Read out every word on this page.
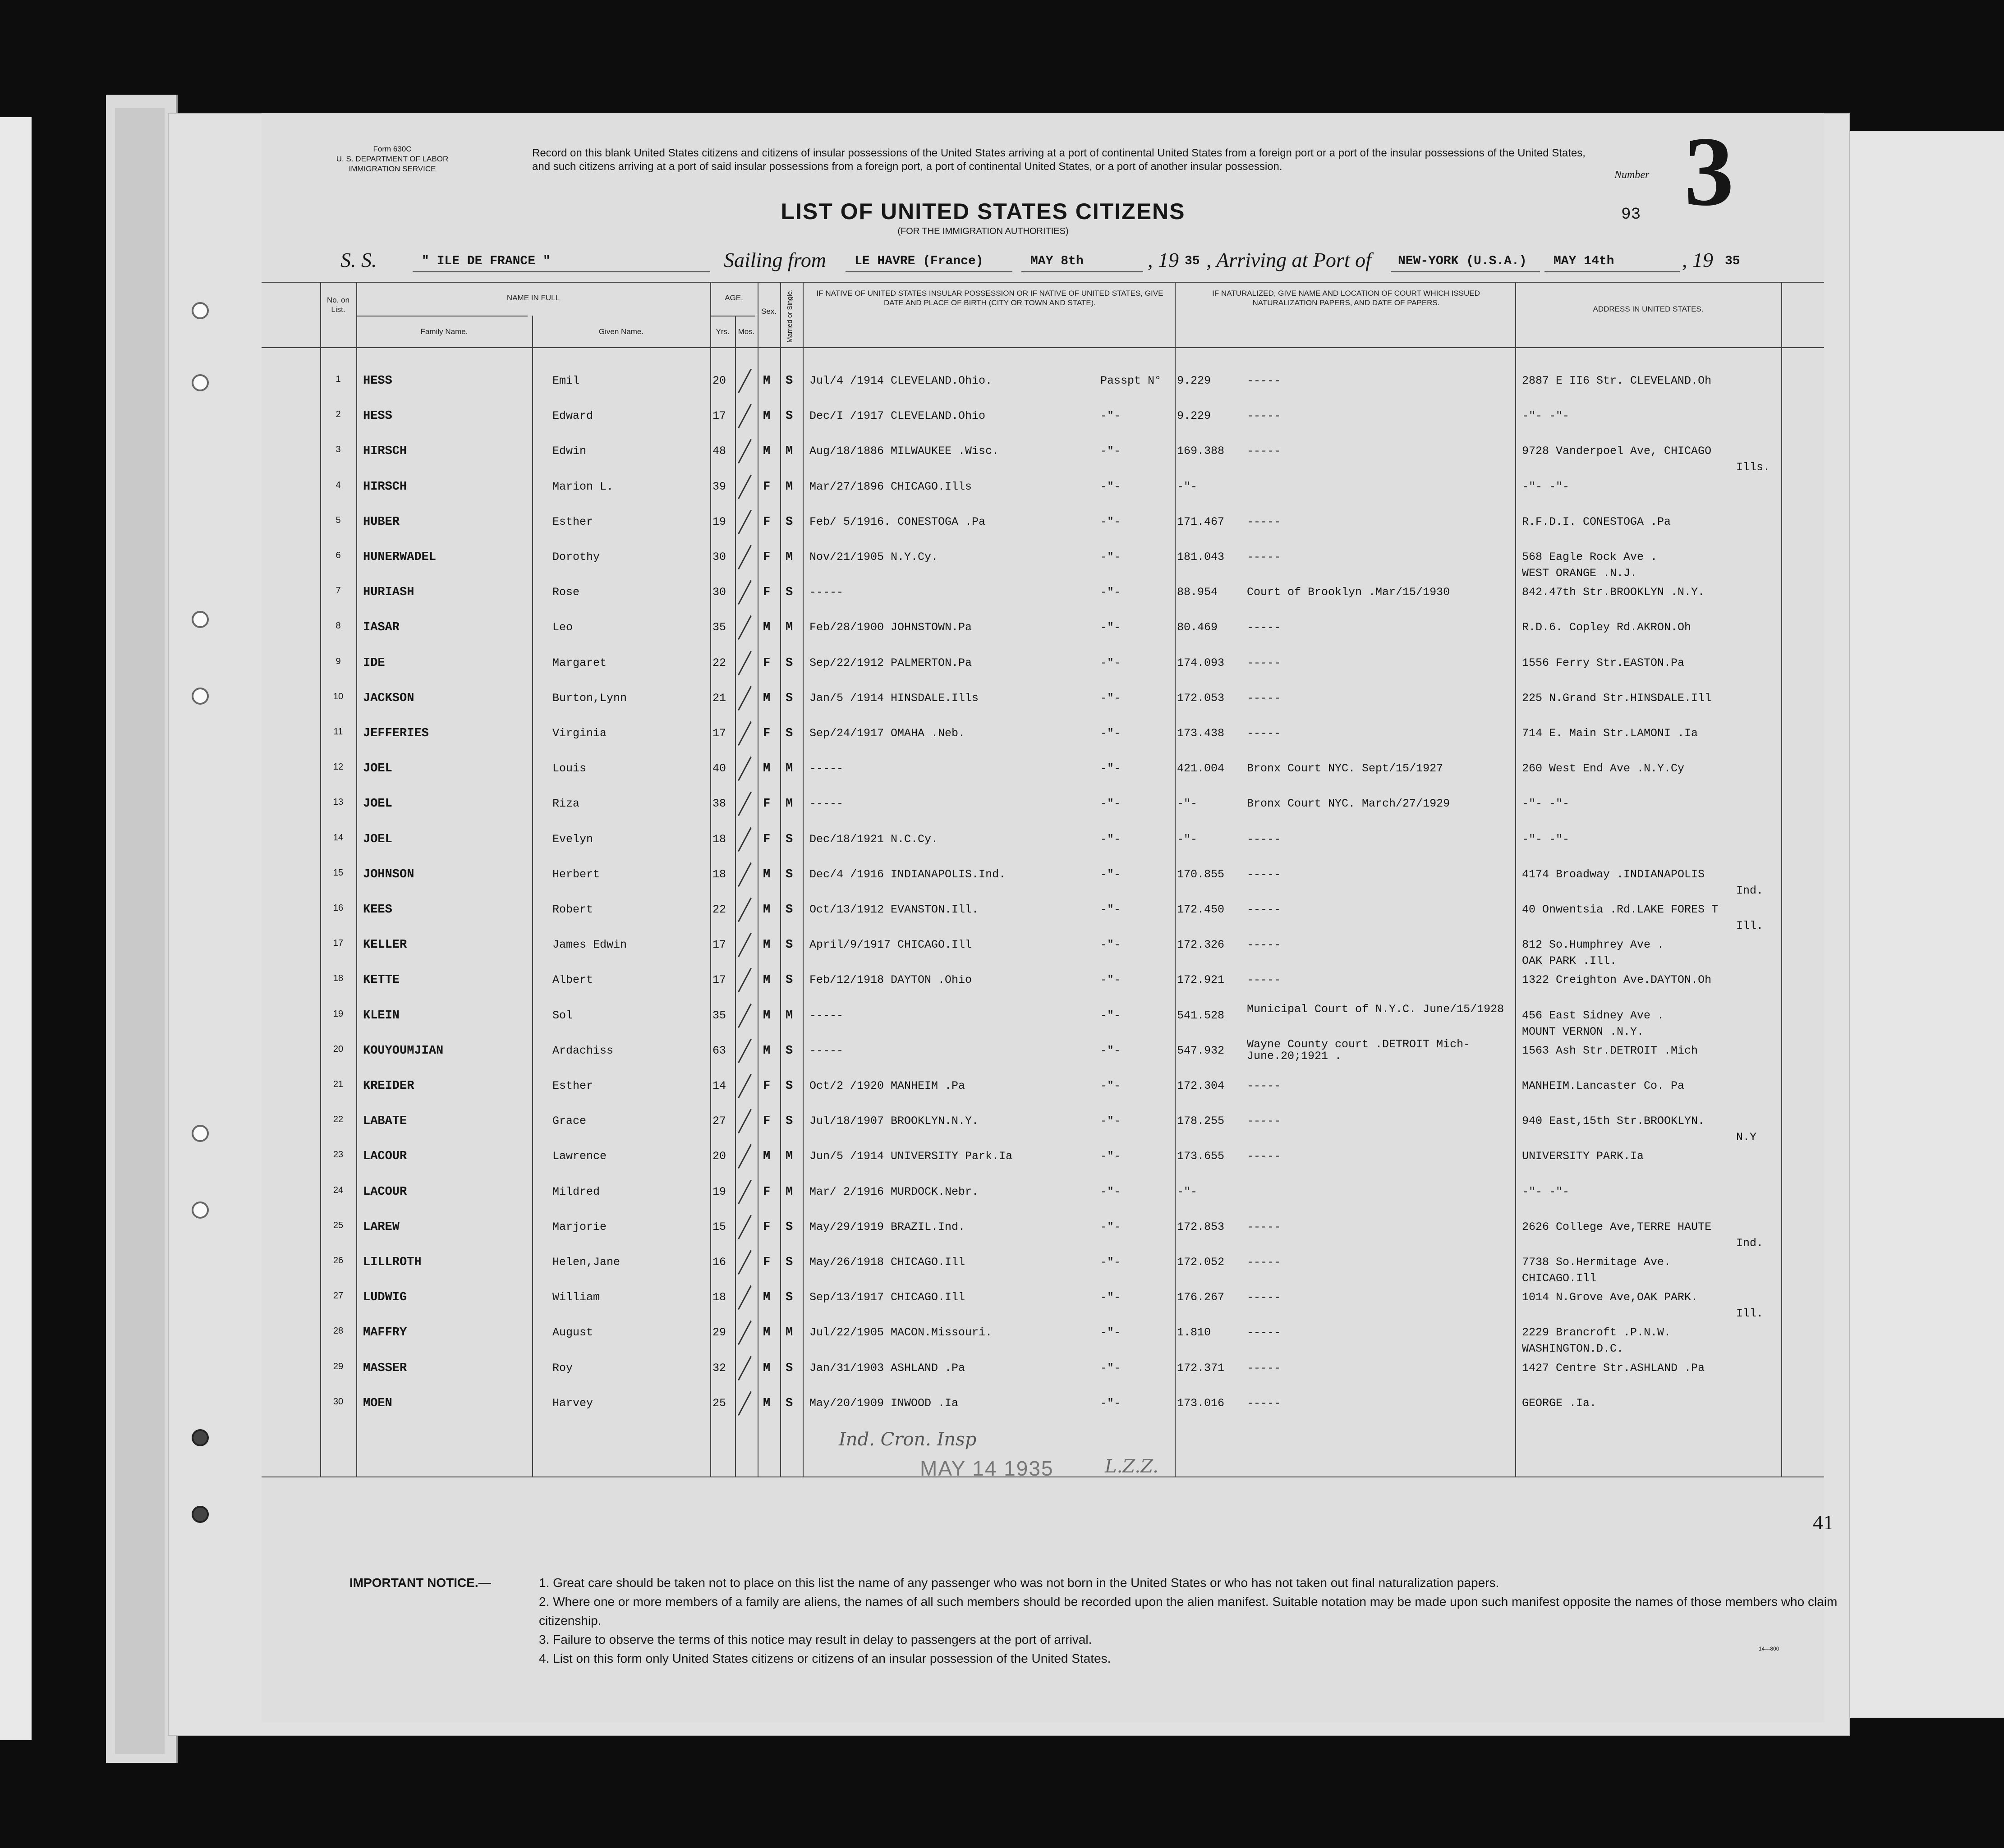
Form 630C
U. S. DEPARTMENT OF LABOR
IMMIGRATION SERVICE
Record on this blank United States citizens and citizens of insular possessions of the United States arriving at a port of continental United States from a foreign port or a port of the insular possessions of the United States, and such citizens arriving at a port of said insular possessions from a foreign port, a port of continental United States, or a port of another insular possession.
Number 3
93
LIST OF UNITED STATES CITIZENS
(FOR THE IMMIGRATION AUTHORITIES)
S. S.	" ILE DE FRANCE "	Sailing from LE HAVRE (France)	MAY 8th	, 19 35 , Arriving at Port of NEW-YORK (U.S.A.) MAY 14th	, 19 35
No. on List.
NAME IN FULL
Family Name.	Given Name.
AGE.
Yrs.	Mos.
Sex.	Married or Single.	IF NATIVE OF UNITED STATES INSULAR POSSESSION OR IF NATIVE OF UNITED STATES, GIVE DATE AND PLACE OF BIRTH (CITY OR TOWN AND STATE).
IF NATURALIZED, GIVE NAME AND LOCATION OF COURT WHICH ISSUED NATURALIZATION PAPERS, AND DATE OF PAPERS.
ADDRESS IN UNITED STATES.
1	HESS	Emil	20	M S Jul/4 /1914 CLEVELAND.Ohio.	Passpt N° 9.229	-----	2887 E II6 Str. CLEVELAND.Oh
2	HESS	Edward	17	M S Dec/I /1917 CLEVELAND.Ohio	-"-	9.229	-----	-"- -"-
3	HIRSCH	Edwin	48	M M Aug/18/1886 MILWAUKEE .Wisc.	-"-	169.388 -----	9728 Vanderpoel Ave, CHICAGO
Ills.
4	HIRSCH	Marion L.	39	F M Mar/27/1896 CHICAGO.Ills	-"-	-"-	-"- -"-
5	HUBER	Esther	19	F S Feb/ 5/1916. CONESTOGA .Pa	-"-	171.467 -----	R.F.D.I. CONESTOGA .Pa
6	HUNERWADEL	Dorothy	30	F M Nov/21/1905 N.Y.Cy.	-"-	181.043 -----	568 Eagle Rock Ave .
WEST ORANGE .N.J.
7	HURIASH	Rose	30	F S -----	-"-	88.954	Court of Brooklyn .Mar/15/1930	842.47th Str.BROOKLYN .N.Y.
8	IASAR	Leo	35	M M Feb/28/1900 JOHNSTOWN.Pa	-"-	80.469	-----	R.D.6. Copley Rd.AKRON.Oh
9	IDE	Margaret	22	F S Sep/22/1912 PALMERTON.Pa	-"-	174.093 -----	1556 Ferry Str.EASTON.Pa
10	JACKSON	Burton,Lynn	21	M S Jan/5 /1914 HINSDALE.Ills	-"-	172.053 -----	225 N.Grand Str.HINSDALE.Ill
11	JEFFERIES	Virginia	17	F S Sep/24/1917 OMAHA .Neb.	-"-	173.438 -----	714 E. Main Str.LAMONI .Ia
12	JOEL	Louis	40	M M -----	-"-	421.004 Bronx Court NYC. Sept/15/1927	260 West End Ave .N.Y.Cy
13	JOEL	Riza	38	F M -----	-"-	-"-	Bronx Court NYC. March/27/1929	-"- -"-
14	JOEL	Evelyn	18	F S Dec/18/1921 N.C.Cy.	-"-	-"-	-----	-"- -"-
15	JOHNSON	Herbert	18	M S Dec/4 /1916 INDIANAPOLIS.Ind.	-"-	170.855 -----	4174 Broadway .INDIANAPOLIS
Ind.
16	KEES	Robert	22	M S Oct/13/1912 EVANSTON.Ill.	-"-	172.450 -----	40 Onwentsia .Rd.LAKE FORES T
Ill.
17	KELLER	James Edwin	17	M S April/9/1917 CHICAGO.Ill	-"-	172.326 -----	812 So.Humphrey Ave .
OAK PARK .Ill.
18	KETTE	Albert	17	M S Feb/12/1918 DAYTON .Ohio	-"-	172.921 -----	1322 Creighton Ave.DAYTON.Oh
19	KLEIN	Sol	35	M M -----	-"-	541.528 Municipal Court of N.Y.C. June/15/1928	456 East Sidney Ave .
MOUNT VERNON .N.Y.
20	KOUYOUMJIAN	Ardachiss	63	M S -----	-"-	547.932 Wayne County court .DETROIT Mich-June.20;1921 .	1563 Ash Str.DETROIT .Mich
21	KREIDER	Esther	14	F S Oct/2 /1920 MANHEIM .Pa	-"-	172.304 -----	MANHEIM.Lancaster Co. Pa
22	LABATE	Grace	27	F S Jul/18/1907 BROOKLYN.N.Y.	-"-	178.255 -----	940 East,15th Str.BROOKLYN.
N.Y
23	LACOUR	Lawrence	20	M M Jun/5 /1914 UNIVERSITY Park.Ia	-"-	173.655 -----	UNIVERSITY PARK.Ia
24	LACOUR	Mildred	19	F M Mar/ 2/1916 MURDOCK.Nebr.	-"-	-"-	-"- -"-
25	LAREW	Marjorie	15	F S May/29/1919 BRAZIL.Ind.	-"-	172.853 -----	2626 College Ave,TERRE HAUTE
Ind.
26	LILLROTH	Helen,Jane	16	F S May/26/1918 CHICAGO.Ill	-"-	172.052 -----	7738 So.Hermitage Ave.
CHICAGO.Ill
27	LUDWIG	William	18	M S Sep/13/1917 CHICAGO.Ill	-"-	176.267 -----	1014 N.Grove Ave,OAK PARK.
Ill.
28	MAFFRY	August	29	M M Jul/22/1905 MACON.Missouri.	-"-	1.810	-----	2229 Brancroft .P.N.W.
WASHINGTON.D.C.
29	MASSER	Roy	32	M S Jan/31/1903 ASHLAND .Pa	-"-	172.371 -----	1427 Centre Str.ASHLAND .Pa
30	MOEN	Harvey	25	M S May/20/1909 INWOOD .Ia	-"-	173.016 -----	GEORGE .Ia.
Ind. Cron. Insp
MAY 14 1935	L.Z.Z.
41
IMPORTANT NOTICE.—	1. Great care should be taken not to place on this list the name of any passenger who was not born in the United States or who has not taken out final naturalization papers.
2. Where one or more members of a family are aliens, the names of all such members should be recorded upon the alien manifest. Suitable notation may be made upon such manifest opposite the names of those members who claim citizenship.
3. Failure to observe the terms of this notice may result in delay to passengers at the port of arrival.
4. List on this form only United States citizens or citizens of an insular possession of the United States.
14—800
